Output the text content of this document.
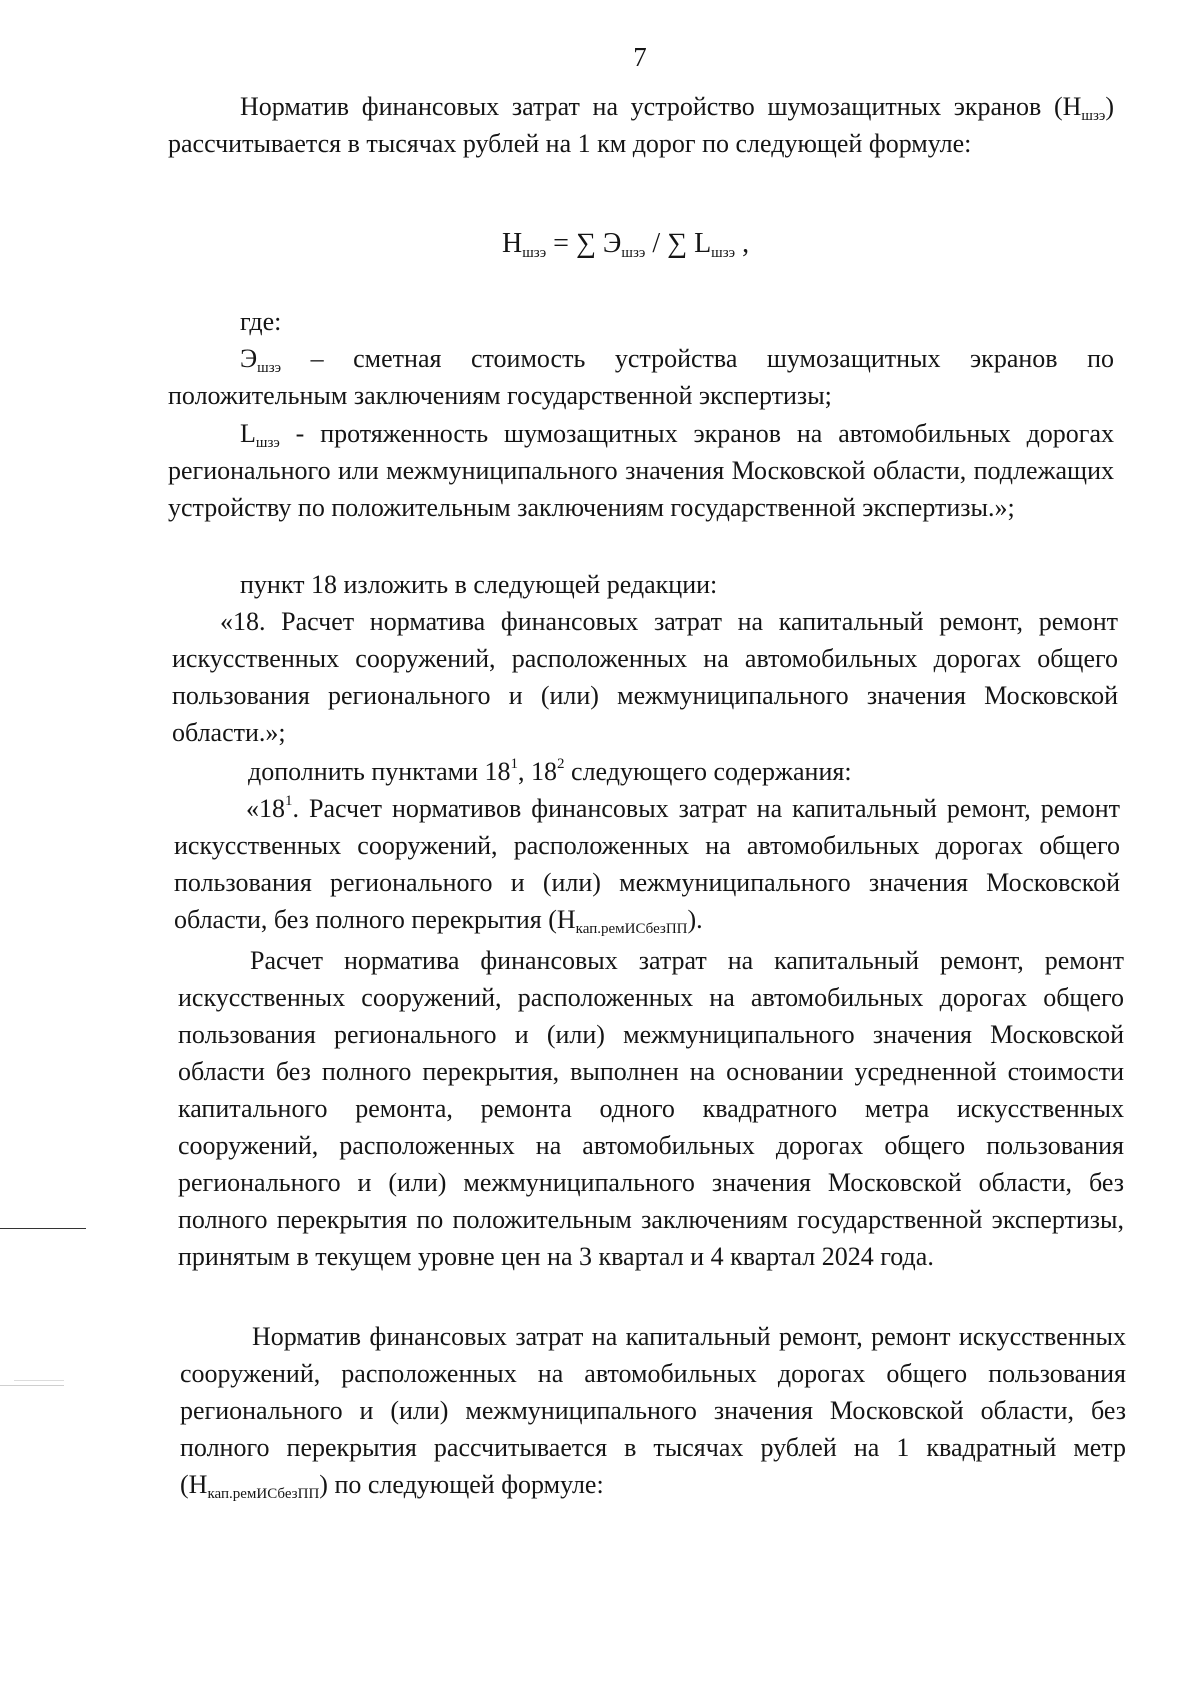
7
Норматив финансовых затрат на устройство шумозащитных экранов $(Н_{шзэ})$ рассчитывается в тысячах рублей на 1 км дорог по следующей формуле:
$Н_{шзэ}$ = ∑ $Э_{шзэ}$ / ∑ $L_{шзэ}$ ,
где:
$Э_{шзэ}$ – сметная стоимость устройства шумозащитных экранов по положительным заключениям государственной экспертизы;
$L_{шзэ}$ - протяженность шумозащитных экранов на автомобильных дорогах регионального или межмуниципального значения Московской области, подлежащих устройству по положительным заключениям государственной экспертизы.»;
пункт 18 изложить в следующей редакции:
«18. Расчет норматива финансовых затрат на капитальный ремонт, ремонт искусственных сооружений, расположенных на автомобильных дорогах общего пользования регионального и (или) межмуниципального значения Московской области.»;
дополнить пунктами $18^1$, $18^2$ следующего содержания:
«$18^1$. Расчет нормативов финансовых затрат на капитальный ремонт, ремонт искусственных сооружений, расположенных на автомобильных дорогах общего пользования регионального и (или) межмуниципального значения Московской области, без полного перекрытия $(Н_{кап.ремИСбезПП})$.
Расчет норматива финансовых затрат на капитальный ремонт, ремонт искусственных сооружений, расположенных на автомобильных дорогах общего пользования регионального и (или) межмуниципального значения Московской области без полного перекрытия, выполнен на основании усредненной стоимости капитального ремонта, ремонта одного квадратного метра искусственных сооружений, расположенных на автомобильных дорогах общего пользования регионального и (или) межмуниципального значения Московской области, без полного перекрытия по положительным заключениям государственной экспертизы, принятым в текущем уровне цен на 3 квартал и 4 квартал 2024 года.
Норматив финансовых затрат на капитальный ремонт, ремонт искусственных сооружений, расположенных на автомобильных дорогах общего пользования регионального и (или) межмуниципального значения Московской области, без полного перекрытия рассчитывается в тысячах рублей на 1 квадратный метр $(Н_{кап.ремИСбезПП})$ по следующей формуле:
